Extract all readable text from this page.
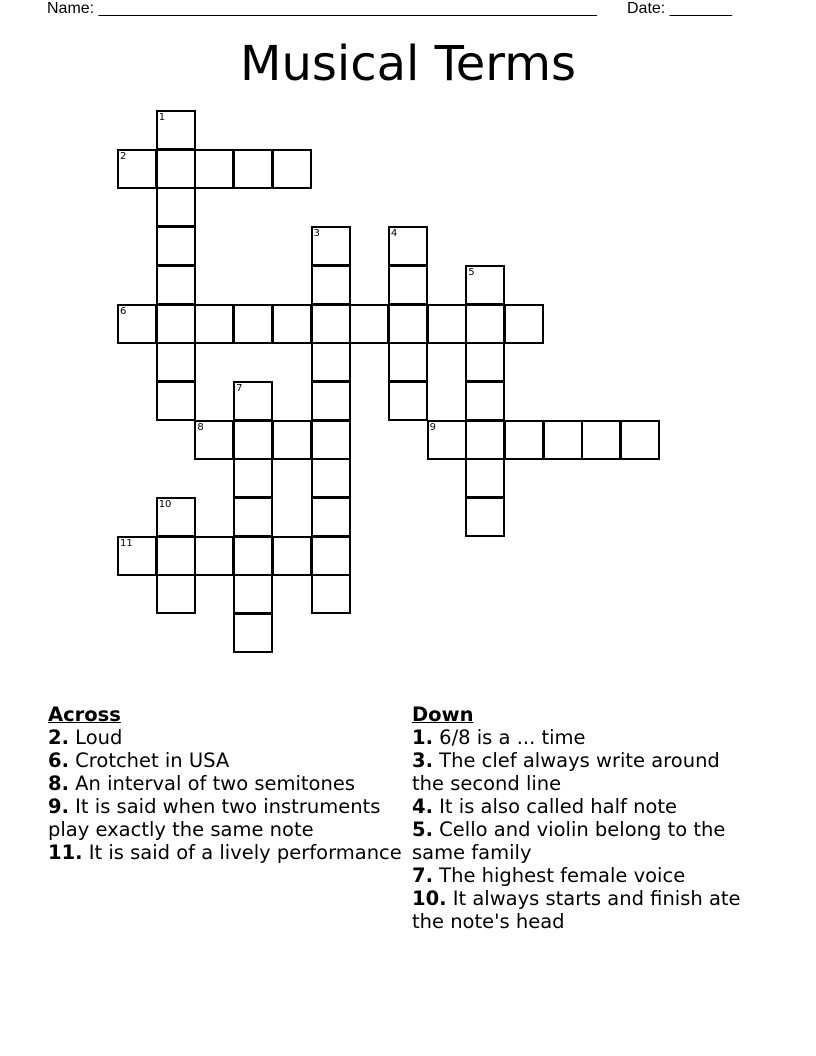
Name: ________________________________________________________ Date: _______
Musical Terms
1
2
3	4
5
6
7
8	9
10
11
Across
2. Loud
6. Crotchet in USA
8. An interval of two semitones
9. It is said when two instruments play exactly the same note
11. It is said of a lively performance
Down
1. 6/8 is a ... time
3. The clef always write around the second line
4. It is also called half note
5. Cello and violin belong to the same family
7. The highest female voice
10. It always starts and finish ate the note's head
